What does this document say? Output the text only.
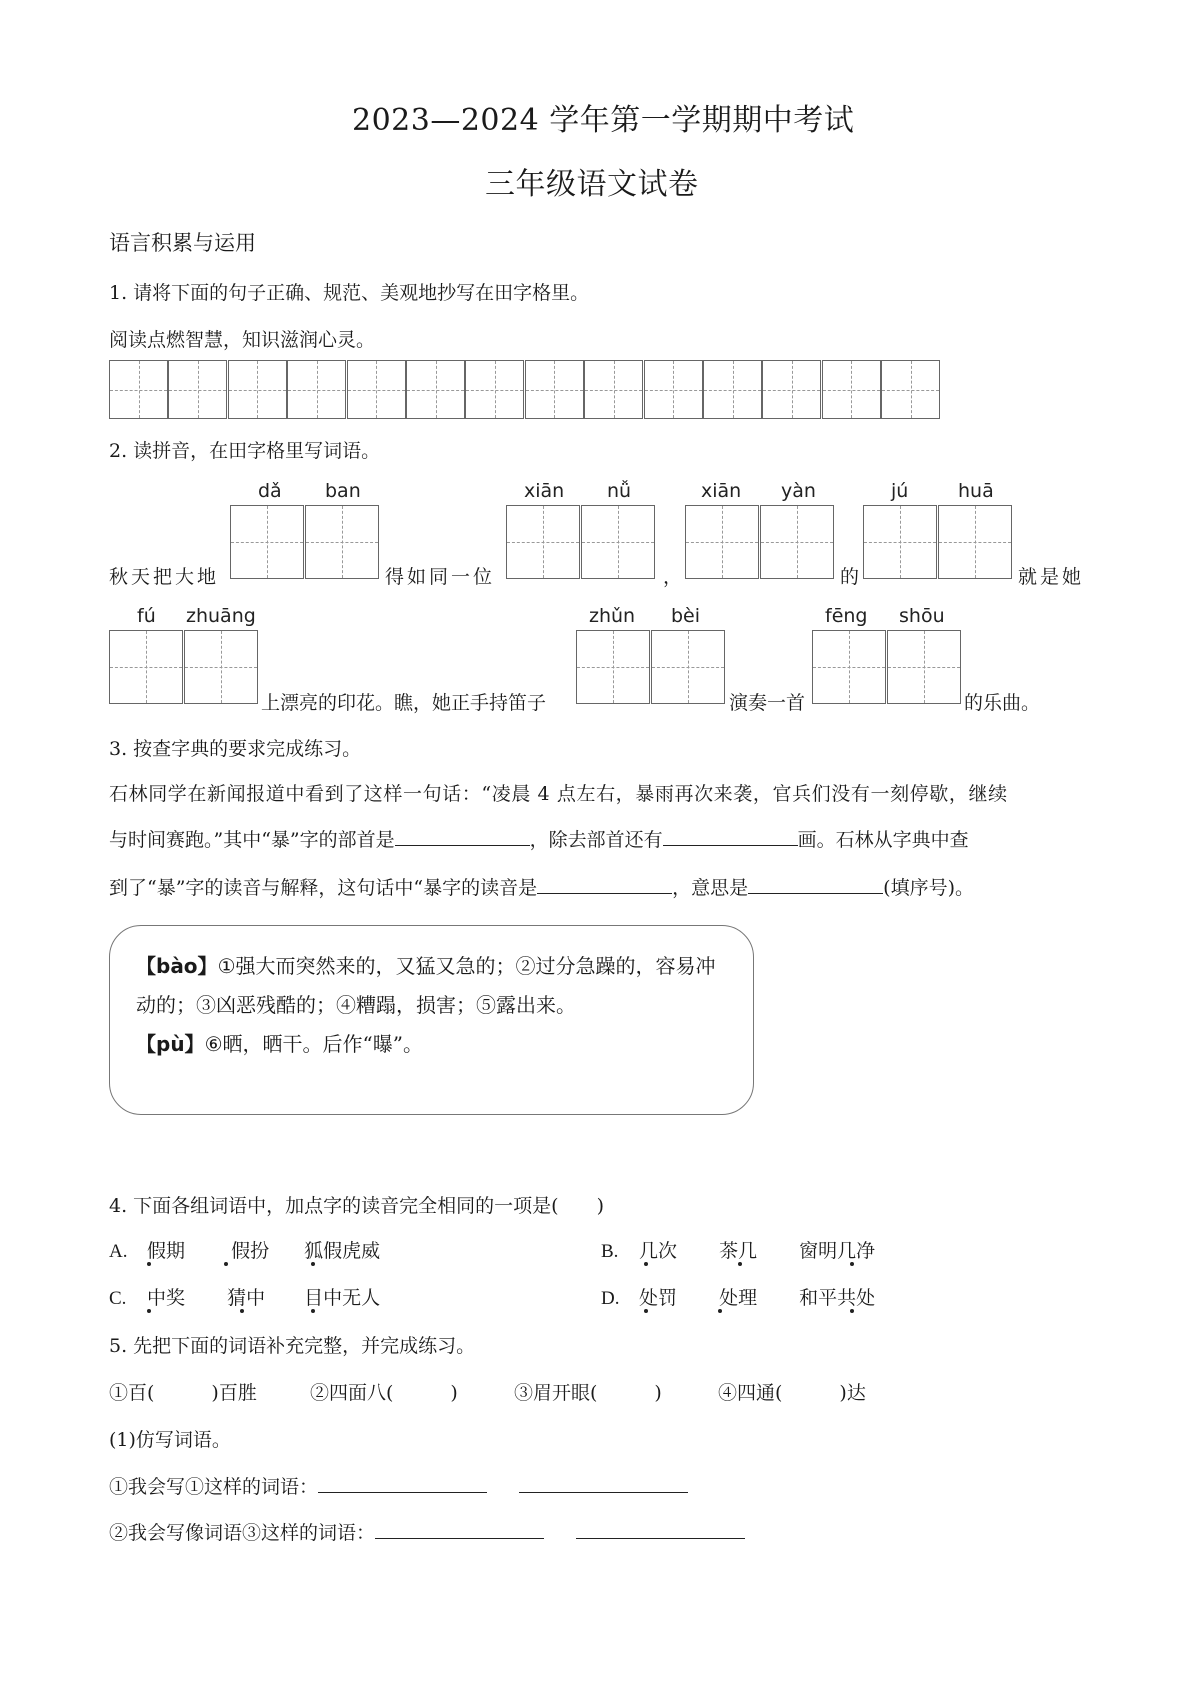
2023—2024 学年第一学期期中考试
三年级语文试卷
语言积累与运用
1. 请将下面的句子正确、规范、美观地抄写在田字格里。
阅读点燃智慧，知识滋润心灵。
2. 读拼音，在田字格里写词语。
dǎ ban	xiān nǚ	xiān yàn	jú	huā
秋天把大地	得如同一位	，	的	就是她
fú zhuāng	zhǔn bèi	fēng shōu
上漂亮的印花。瞧，她正手持笛子	演奏一首	的乐曲。
3. 按查字典的要求完成练习。
石林同学在新闻报道中看到了这样一句话：“凌晨 4 点左右，暴雨再次来袭，官兵们没有一刻停歇，继续
与时间赛跑。”其中“暴”字的部首是	，除去部首还有	画。石林从字典中查
到了“暴”字的读音与解释，这句话中“暴字的读音是	，意思是	(填序号)。
【bào】①强大而突然来的，又猛又急的；②过分急躁的，容易冲
动的；③凶恶残酷的；④糟蹋，损害；⑤露出来。
【pù】⑥晒，晒干。后作“曝”。
4. 下面各组词语中，加点字的读音完全相同的一项是(　　)
A. 假期 假扮 狐假虎威	B. 几次 茶几 窗明几净
C. 中奖 猜中 目中无人	D. 处罚 处理 和平共处
5. 先把下面的词语补充完整，并完成练习。
①百(　　　)百胜	②四面八(　　　)	③眉开眼(　　　)	④四通(　　　)达
(1)仿写词语。
①我会写①这样的词语：
②我会写像词语③这样的词语：
